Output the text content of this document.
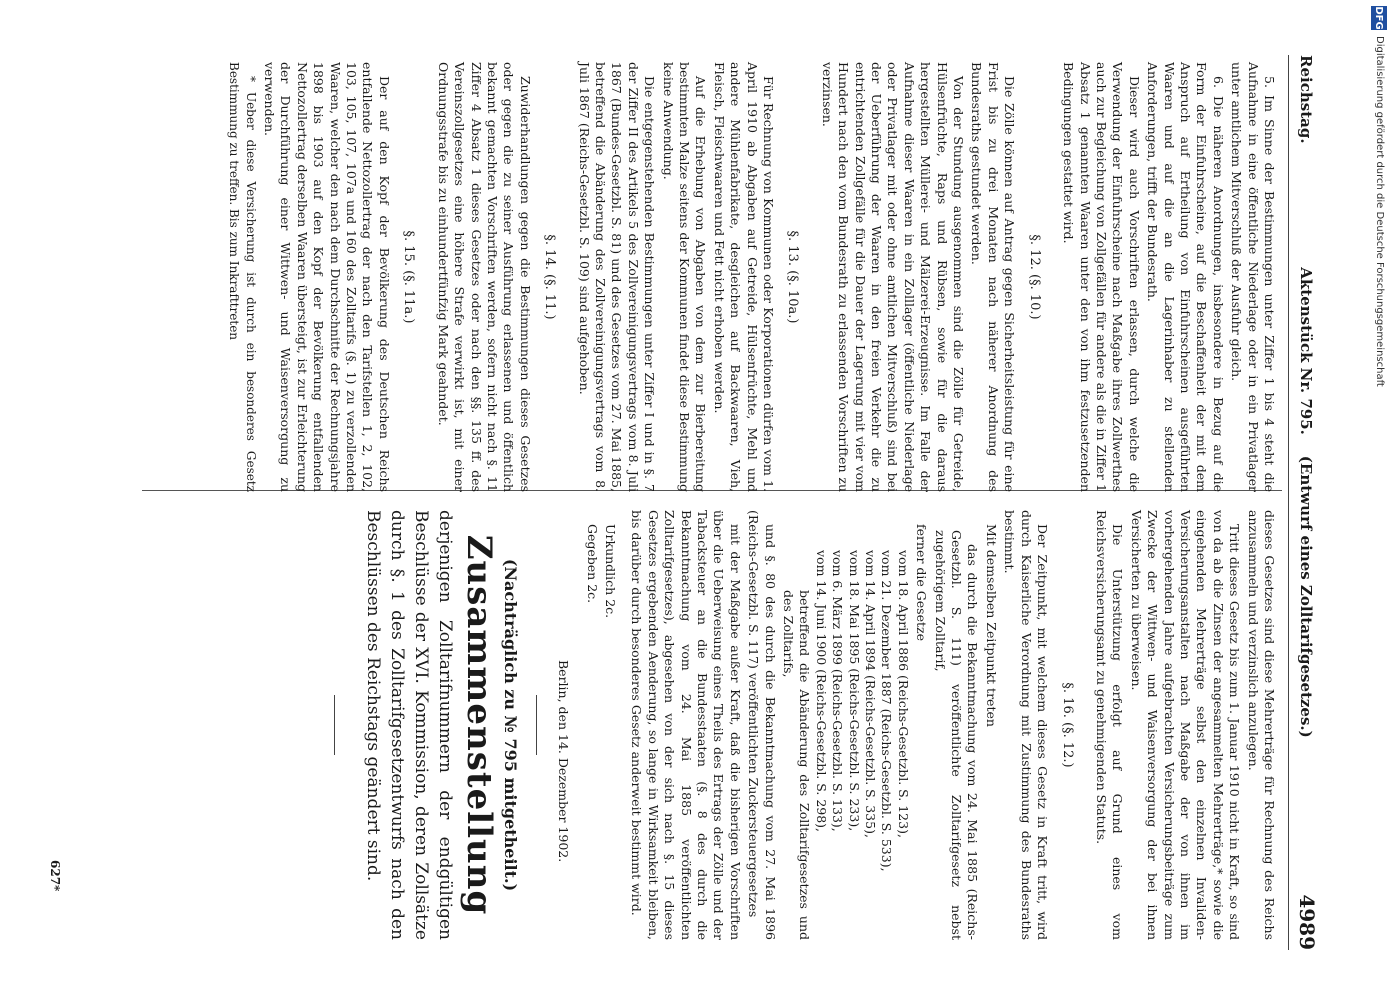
DFG
Digitalisierung gefördert durch die Deutsche Forschungsgemeinschaft
Reichstag.
Aktenstück Nr. 795.    (Entwurf eines Zolltarifgesetzes.)
4989

5. Im Sinne der Bestimmungen unter Ziffer 1 bis 4 steht die Aufnahme in eine öffentliche Niederlage oder in ein Privatlager unter amtlichem Mitverschluß der Ausfuhr gleich.

6. Die näheren Anordnungen, insbesondere in Bezug auf die Form der Einfuhrscheine, auf die Beschaffenheit der mit dem Anspruch auf Ertheilung von Einfuhrscheinen ausgeführten Waaren und auf die an die Lagerinhaber zu stellenden Anforderungen, trifft der Bundesrath.

Dieser wird auch Vorschriften erlassen, durch welche die Verwendung der Einfuhrscheine nach Maßgabe ihres Zollwerthes auch zur Begleichung von Zollgefällen für andere als die in Ziffer 1 Absatz 1 genannten Waaren unter den von ihm festzusetzenden Bedingungen gestattet wird.

§. 12. (§. 10.)

Die Zölle können auf Antrag gegen Sicherheitsleistung für eine Frist bis zu drei Monaten nach näherer Anordnung des Bundesraths gestundet werden.

Von der Stundung ausgenommen sind die Zölle für Getreide, Hülsenfrüchte, Raps und Rübsen, sowie für die daraus hergestellten Müllerei- und Mälzerei-Erzeugnisse. Im Falle der Aufnahme dieser Waaren in ein Zolllager (öffentliche Niederlage oder Privatlager mit oder ohne amtlichen Mitverschluß) sind bei der Ueberführung der Waaren in den freien Verkehr die zu entrichtenden Zollgefälle für die Dauer der Lagerung mit vier vom Hundert nach den vom Bundesrath zu erlassenden Vorschriften zu verzinsen.

§. 13. (§. 10a.)

Für Rechnung von Kommunen oder Korporationen dürfen vom 1. April 1910 ab Abgaben auf Getreide, Hülsenfrüchte, Mehl und andere Mühlenfabrikate, desgleichen auf Backwaaren, Vieh, Fleisch, Fleischwaaren und Fett nicht erhoben werden.

Auf die Erhebung von Abgaben von dem zur Bierbereitung bestimmten Malze seitens der Kommunen findet diese Bestimmung keine Anwendung.

Die entgegenstehenden Bestimmungen unter Ziffer I und in §. 7 der Ziffer II des Artikels 5 des Zollvereinigungsvertrags vom 8. Juli 1867 (Bundes-Gesetzbl. S. 81) und des Gesetzes vom 27. Mai 1885, betreffend die Abänderung des Zollvereinigungsvertrags vom 8. Juli 1867 (Reichs-Gesetzbl. S. 109) sind aufgehoben.

§. 14. (§. 11.)

Zuwiderhandlungen gegen die Bestimmungen dieses Gesetzes oder gegen die zu seiner Ausführung erlassenen und öffentlich bekannt gemachten Vorschriften werden, sofern nicht nach §. 11 Ziffer 4 Absatz 1 dieses Gesetzes oder nach den §§. 135 ff. des Vereinszollgesetzes eine höhere Strafe verwirkt ist, mit einer Ordnungsstrafe bis zu einhundertfünfzig Mark geahndet.

§. 15. (§. 11a.)

Der auf den Kopf der Bevölkerung des Deutschen Reichs entfallende Nettozollertrag der nach den Tarifstellen 1, 2, 102, 103, 105, 107, 107a und 160 des Zolltarifs (§. 1) zu verzollenden Waaren, welcher den nach dem Durchschnitte der Rechnungsjahre 1898 bis 1903 auf den Kopf der Bevölkerung entfallenden Nettozollertrag derselben Waaren übersteigt, ist zur Erleichterung der Durchführung einer Wittwen- und Waisenversorgung zu verwenden.

* Ueber diese Versicherung ist durch ein besonderes Gesetz Bestimmung zu treffen. Bis zum Inkrafttreten

dieses Gesetzes sind diese Mehrerträge für Rechnung des Reichs anzusammeln und verzinslich anzulegen.

Tritt dieses Gesetz bis zum 1. Januar 1910 nicht in Kraft, so sind von da ab die Zinsen der angesammelten Mehrerträge,* sowie die eingehenden Mehrerträge selbst den einzelnen Invaliden-Versicherungsanstalten nach Maßgabe der von ihnen im vorhergehenden Jahre aufgebrachten Versicherungsbeiträge zum Zwecke der Wittwen- und Waisenversorgung der bei ihnen Versicherten zu überweisen.

Die Unterstützung erfolgt auf Grund eines vom Reichsversicherungsamt zu genehmigenden Statuts.

§. 16. (§. 12.)

Der Zeitpunkt, mit welchem dieses Gesetz in Kraft tritt, wird durch Kaiserliche Verordnung mit Zustimmung des Bundesraths bestimmt.

Mit demselben Zeitpunkt treten

das durch die Bekanntmachung vom 24. Mai 1885 (Reichs-Gesetzbl. S. 111) veröffentlichte Zolltarifgesetz nebst zugehörigem Zolltarif,

ferner die Gesetze

vom 18. April 1886 (Reichs-Gesetzbl. S. 123),
vom 21. Dezember 1887 (Reichs-Gesetzbl. S. 533),
vom 14. April 1894 (Reichs-Gesetzbl. S. 335),
vom 18. Mai 1895 (Reichs-Gesetzbl. S. 233),
vom 6. März 1899 (Reichs-Gesetzbl. S. 133),
vom 14. Juni 1900 (Reichs-Gesetzbl. S. 298),
betreffend die Abänderung des Zolltarifgesetzes und des Zolltarifs,

und §. 80 des durch die Bekanntmachung vom 27. Mai 1896 (Reichs-Gesetzbl. S. 117) veröffentlichten Zuckersteuergesetzes

mit der Maßgabe außer Kraft, daß die bisherigen Vorschriften über die Ueberweisung eines Theils des Ertrags der Zölle und der Tabacksteuer an die Bundesstaaten (§. 8 des durch die Bekanntmachung vom 24. Mai 1885 veröffentlichten Zolltarifgesetzes), abgesehen von der sich nach §. 15 dieses Gesetzes ergebenden Aenderung, so lange in Wirksamkeit bleiben, bis darüber durch besonderes Gesetz anderweit bestimmt wird.

Urkundlich 2c.

Gegeben 2c.

Berlin, den 14. Dezember 1902.
(Nachträglich zu № 795 mitgetheilt.)
Zusammenstellung
derjenigen Zolltarifnummern der endgültigen Beschlüsse der XVI. Kommission, deren Zollsätze durch §. 1 des Zolltarifgesetzentwurfs nach den Beschlüssen des Reichstags geändert sind.
627*
